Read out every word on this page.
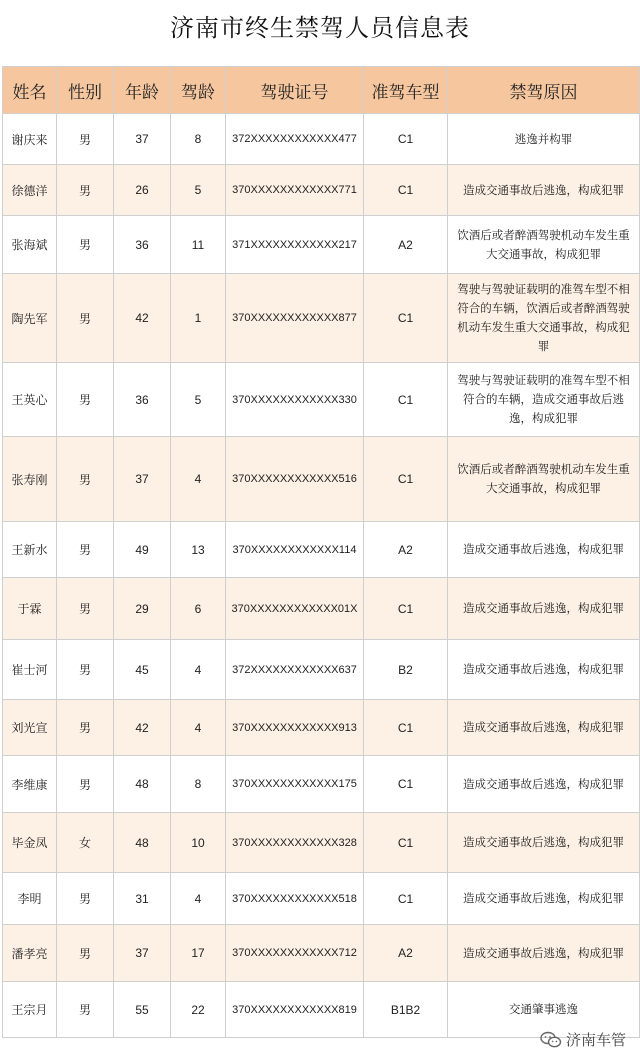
济南市终生禁驾人员信息表
姓名	性别	年龄	驾龄	驾驶证号	准驾车型	禁驾原因
谢庆来	男	37	8	372XXXXXXXXXXXX477	C1	逃逸并构罪
徐德洋	男	26	5	370XXXXXXXXXXXX771	C1	造成交通事故后逃逸，构成犯罪
张海斌	男	36	11	371XXXXXXXXXXXX217	A2	饮酒后或者醉酒驾驶机动车发生重大交通事故，构成犯罪
陶先军	男	42	1	370XXXXXXXXXXXX877	C1	驾驶与驾驶证载明的准驾车型不相符合的车辆，饮酒后或者醉酒驾驶机动车发生重大交通事故，构成犯罪
王英心	男	36	5	370XXXXXXXXXXXX330	C1	驾驶与驾驶证载明的准驾车型不相符合的车辆，造成交通事故后逃逸，构成犯罪
张寿刚	男	37	4	370XXXXXXXXXXXX516	C1	饮酒后或者醉酒驾驶机动车发生重大交通事故，构成犯罪
王新水	男	49	13	370XXXXXXXXXXXX114	A2	造成交通事故后逃逸，构成犯罪
于霖	男	29	6	370XXXXXXXXXXXX01X	C1	造成交通事故后逃逸，构成犯罪
崔士河	男	45	4	372XXXXXXXXXXXX637	B2	造成交通事故后逃逸，构成犯罪
刘光宣	男	42	4	370XXXXXXXXXXXX913	C1	造成交通事故后逃逸，构成犯罪
李维康	男	48	8	370XXXXXXXXXXXX175	C1	造成交通事故后逃逸，构成犯罪
毕金凤	女	48	10	370XXXXXXXXXXXX328	C1	造成交通事故后逃逸，构成犯罪
李明	男	31	4	370XXXXXXXXXXXX518	C1	造成交通事故后逃逸，构成犯罪
潘孝亮	男	37	17	370XXXXXXXXXXXX712	A2	造成交通事故后逃逸，构成犯罪
王宗月	男	55	22	370XXXXXXXXXXXX819	B1B2	交通肇事逃逸
济南车管
